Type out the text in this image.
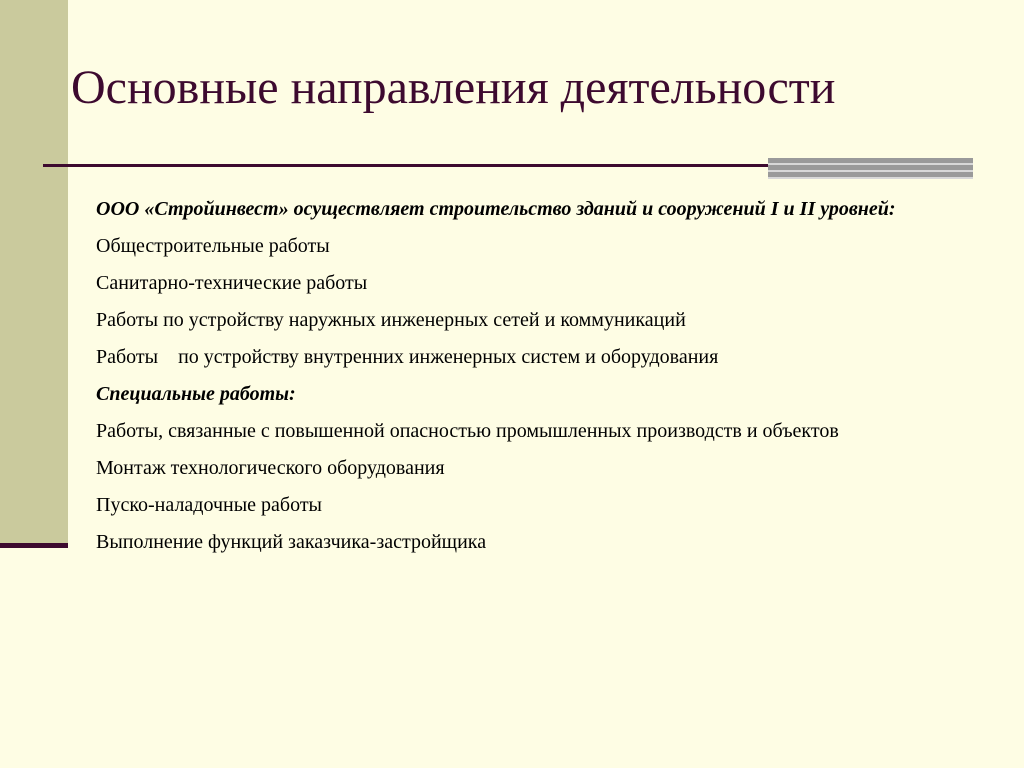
Основные направления деятельности
ООО «Стройинвест» осуществляет строительство зданий и сооружений I и II уровней:
Общестроительные работы
Санитарно-технические работы
Работы по устройству наружных инженерных сетей и коммуникаций
Работы    по устройству внутренних инженерных систем и оборудования
Специальные работы:
Работы, связанные с повышенной опасностью промышленных производств и объектов
Монтаж технологического оборудования
Пуско-наладочные работы
Выполнение функций заказчика-застройщика
